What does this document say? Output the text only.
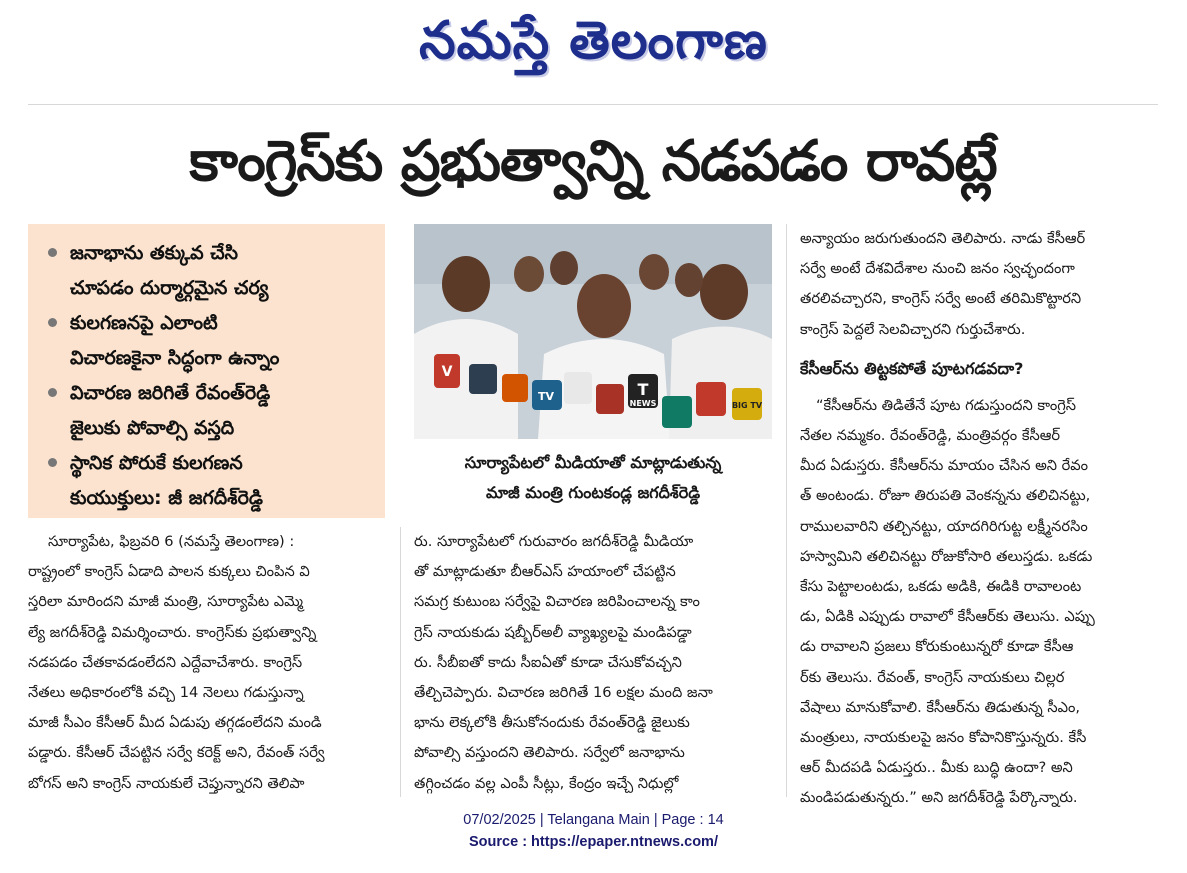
నమస్తే తెలంగాణ
కాంగ్రెస్‌కు ప్రభుత్వాన్ని నడపడం రావట్లే
జనాభాను తక్కువ చేసి
చూపడం దుర్మార్గమైన చర్య
కులగణనపై ఎలాంటి
విచారణకైనా సిద్ధంగా ఉన్నాం
విచారణ జరిగితే రేవంత్‌రెడ్డి
జైలుకు పోవాల్సి వస్తది
స్థానిక పోరుకే కులగణన
కుయుక్తులు: జీ జగదీశ్‌రెడ్డి
V
TV	T
BIG TV
NEWS
సూర్యాపేటలో మీడియాతో మాట్లాడుతున్న
మాజీ మంత్రి గుంటకండ్ల జగదీశ్‌రెడ్డి
సూర్యాపేట, ఫిబ్రవరి 6 (నమస్తే తెలంగాణ) :
రాష్ట్రంలో కాంగ్రెస్ ఏడాది పాలన కుక్కలు చింపిన వి
స్తరిలా మారిందని మాజీ మంత్రి, సూర్యాపేట ఎమ్మె
ల్యే జగదీశ్‌రెడ్డి విమర్శించారు. కాంగ్రెస్‌కు ప్రభుత్వాన్ని
నడపడం చేతకావడంలేదని ఎద్దేవాచేశారు. కాంగ్రెస్
నేతలు అధికారంలోకి వచ్చి 14 నెలలు గడుస్తున్నా
మాజీ సీఎం కేసీఆర్ మీద ఏడుపు తగ్గడంలేదని మండి
పడ్డారు. కేసీఆర్ చేపట్టిన సర్వే కరెక్ట్ అని, రేవంత్ సర్వే
బోగస్ అని కాంగ్రెస్ నాయకులే చెప్తున్నారని తెలిపా
రు. సూర్యాపేటలో గురువారం జగదీశ్‌రెడ్డి మీడియా
తో మాట్లాడుతూ బీఆర్‌ఎస్ హయాంలో చేపట్టిన
సమగ్ర కుటుంబ సర్వేపై విచారణ జరిపించాలన్న కాం
గ్రెస్ నాయకుడు షబ్బీర్‌అలీ వ్యాఖ్యలపై మండిపడ్డా
రు. సీబీఐతో కాదు సీఐఏతో కూడా చేసుకోవచ్చని
తేల్చిచెప్పారు. విచారణ జరిగితే 16 లక్షల మంది జనా
భాను లెక్కలోకి తీసుకోనందుకు రేవంత్‌రెడ్డి జైలుకు
పోవాల్సి వస్తుందని తెలిపారు. సర్వేలో జనాభాను
తగ్గించడం వల్ల ఎంపీ సీట్లు, కేంద్రం ఇచ్చే నిధుల్లో
అన్యాయం జరుగుతుందని తెలిపారు. నాడు కేసీఆర్
సర్వే అంటే దేశవిదేశాల నుంచి జనం స్వచ్ఛందంగా
తరలివచ్చారని, కాంగ్రెస్ సర్వే అంటే తరిమికొట్టారని
కాంగ్రెస్ పెద్దలే సెలవిచ్చారని గుర్తుచేశారు.
కేసీఆర్‌ను తిట్టకపోతే పూటగడవదా?
“కేసీఆర్‌ను తిడితేనే పూట గడుస్తుందని కాంగ్రెస్
నేతల నమ్మకం. రేవంత్‌రెడ్డి, మంత్రివర్గం కేసీఆర్
మీద ఏడుస్తరు. కేసీఆర్‌ను మాయం చేసిన అని రేవం
త్ అంటండు. రోజూ తిరుపతి వెంకన్నను తలిచినట్టు,
రాములవారిని తల్చినట్టు, యాదగిరిగుట్ట లక్ష్మీనరసిం
హస్వామిని తలిచినట్టు రోజుకోసారి తలుస్తడు. ఒకడు
కేసు పెట్టాలంటడు, ఒకడు అడికి, ఈడికి రావాలంట
డు, ఏడికి ఎప్పుడు రావాలో కేసీఆర్‌కు తెలుసు. ఎప్పు
డు రావాలని ప్రజలు కోరుకుంటున్నరో కూడా కేసీఆ
ర్‌కు తెలుసు. రేవంత్, కాంగ్రెస్ నాయకులు చిల్లర
వేషాలు మానుకోవాలి. కేసీఆర్‌ను తిడుతున్న సీఎం,
మంత్రులు, నాయకులపై జనం కోపానికొస్తున్నరు. కేసీ
ఆర్ మీదపడి ఏడుస్తరు.. మీకు బుద్ధి ఉందా? అని
మండిపడుతున్నరు.” అని జగదీశ్‌రెడ్డి పేర్కొన్నారు.
07/02/2025 | Telangana Main | Page : 14
Source : https://epaper.ntnews.com/
